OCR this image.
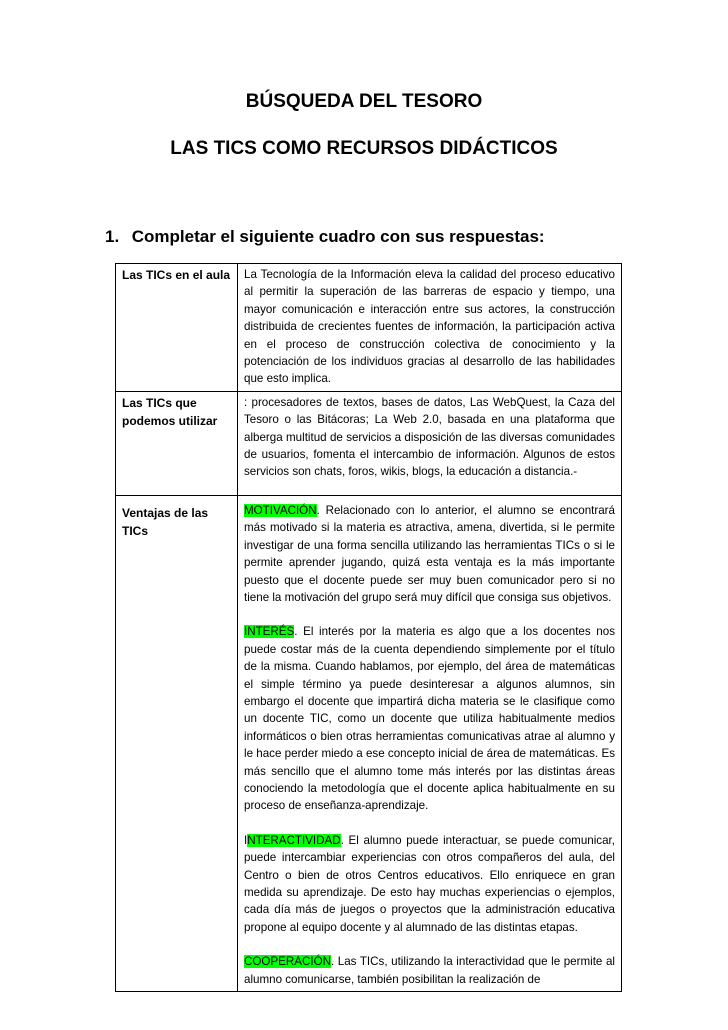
BÚSQUEDA DEL TESORO
LAS TICS COMO RECURSOS DIDÁCTICOS
1. Completar el siguiente cuadro con sus respuestas:
Las TICs en el aula	La Tecnología de la Información eleva la calidad del proceso educativo al permitir la superación de las barreras de espacio y tiempo, una mayor comunicación e interacción entre sus actores, la construcción distribuida de crecientes fuentes de información, la participación activa en el proceso de construcción colectiva de conocimiento y la potenciación de los individuos gracias al desarrollo de las habilidades que esto implica.
Las TICs que podemos utilizar	: procesadores de textos, bases de datos, Las WebQuest, la Caza del Tesoro o las Bitácoras; La Web 2.0, basada en una plataforma que alberga multitud de servicios a disposición de las diversas comunidades de usuarios, fomenta el intercambio de información. Algunos de estos servicios son chats, foros, wikis, blogs, la educación a distancia.-
Ventajas de las TICs	MOTIVACIÓN. Relacionado con lo anterior, el alumno se encontrará más motivado si la materia es atractiva, amena, divertida, si le permite investigar de una forma sencilla utilizando las herramientas TICs o si le permite aprender jugando, quizá esta ventaja es la más importante puesto que el docente puede ser muy buen comunicador pero si no tiene la motivación del grupo será muy difícil que consiga sus objetivos.

INTERÉS. El interés por la materia es algo que a los docentes nos puede costar más de la cuenta dependiendo simplemente por el título de la misma. Cuando hablamos, por ejemplo, del área de matemáticas el simple término ya puede desinteresar a algunos alumnos, sin embargo el docente que impartirá dicha materia se le clasifique como un docente TIC, como un docente que utiliza habitualmente medios informáticos o bien otras herramientas comunicativas atrae al alumno y le hace perder miedo a ese concepto inicial de área de matemáticas. Es más sencillo que el alumno tome más interés por las distintas áreas conociendo la metodología que el docente aplica habitualmente en su proceso de enseñanza-aprendizaje.

INTERACTIVIDAD. El alumno puede interactuar, se puede comunicar, puede intercambiar experiencias con otros compañeros del aula, del Centro o bien de otros Centros educativos. Ello enriquece en gran medida su aprendizaje. De esto hay muchas experiencias o ejemplos, cada día más de juegos o proyectos que la administración educativa propone al equipo docente y al alumnado de las distintas etapas.

COOPERACIÓN. Las TICs, utilizando la interactividad que le permite al alumno comunicarse, también posibilitan la realización de
